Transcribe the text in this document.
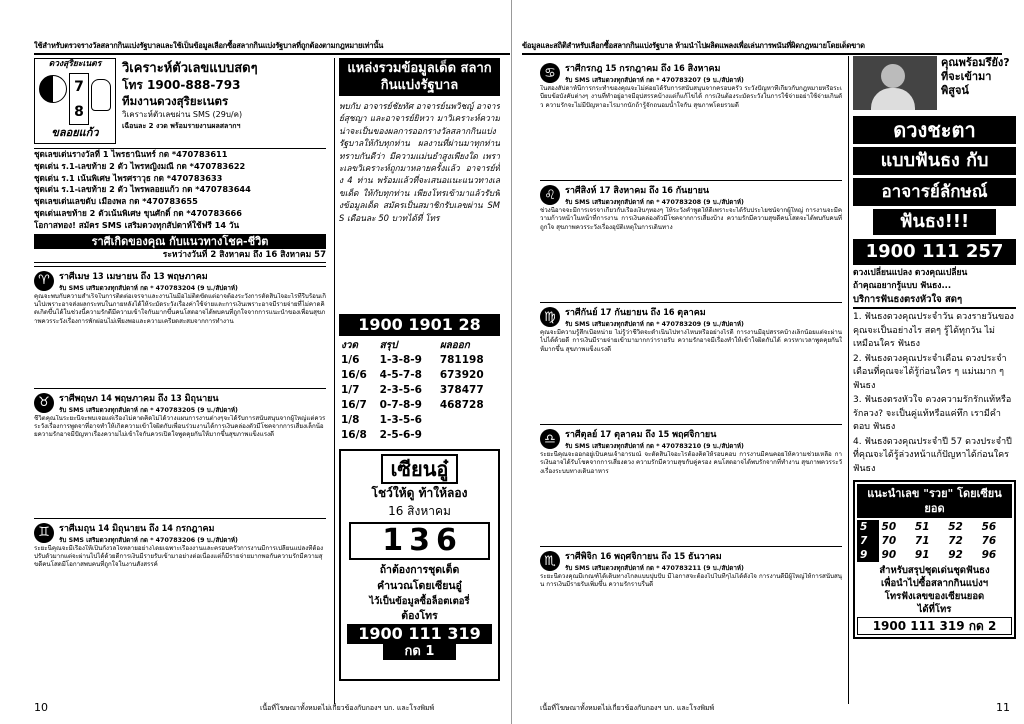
ใช้สำหรับตรวจรางวัลสลากกินแบ่งรัฐบาลและใช้เป็นข้อมูลเลือกซื้อสลากกินแบ่งรัฐบาลที่ถูกต้องตามกฎหมายเท่านั้น
ดวงสุริยะเนตร
7
8
ขลอยแก้ว
วิเคราะห์ตัวเลขแบบสดๆ
โทร 1900-888-793
ทีมงานดวงสุริยะเนตร
วิเคราะห์ตัวเลขผ่าน SMS (29บ/ค)
เฉือนละ 2 งวด พร้อมรายงานผลสลากฯ
ชุดเลขเด่นรางวัลที่ 1 ไพรธานินทร์ กด *470783611
ชุดเด่น ร.1-เลขท้าย 2 ตัว ไพรหญิงมณี กด *470783622
ชุดเด่น ร.1 เน้นพิเศษ ไพรศราวุธ กด *470783633
ชุดเด่น ร.1-เลขท้าย 2 ตัว ไพรพลอยแก้ว กด *470783644
ชุดเลขเด่นเลขดับ เมืองพล กด *470783655
ชุดเด่นเลขท้าย 2 ตัวเน้นพิเศษ ขุนศักดิ์ กด *470783666
โอกาสทอง! สมัคร SMS เสริมดวงทุกสัปดาห์ใช้ฟรี 14 วัน
ราศีเกิดของคุณ กับแนวทางโชค-ชีวิต
ระหว่างวันที่ 2 สิงหาคม ถึง 16 สิงหาคม 57
♈	ราศีเมษ 13 เมษายน ถึง 13 พฤษภาคม
รับ SMS เสริมดวงทุกสัปดาห์ กด * 470783204 (9 บ./สัปดาห์)
คุณจะพบกับความสำเร็จในการติดต่อเจรจาและงานในมือไม่ติดขัดแต่อาจต้องระวังการตัดสินใจอะไรที่รีบร้อนเกินไปเพราะอาจส่งผลกระทบในภายหลังได้ให้ระมัดระวังเรื่องค่าใช้จ่ายและการเงินเพราะอาจมีรายจ่ายที่ไม่คาดคิดเกิดขึ้นได้ในช่วงนี้ความรักดีมีความเข้าใจกันมากขึ้นคนโสดอาจได้พบคนที่ถูกใจจากการแนะนำของเพื่อนสุขภาพควรระวังเรื่องการพักผ่อนไม่เพียงพอและความเครียดสะสมจากการทำงาน
♉	ราศีพฤษภ 14 พฤษภาคม ถึง 13 มิถุนายน
รับ SMS เสริมดวงทุกสัปดาห์ กด * 470783205 (9 บ./สัปดาห์)
ชีวิตคุณในระยะนี้จะพบเจอแต่เรื่องไม่คาดคิดไม่ได้วางแผนการงานต่างๆจะได้รับการสนับสนุนจากผู้ใหญ่แต่ควรระวังเรื่องการพูดจาที่อาจทำให้เกิดความเข้าใจผิดกับเพื่อนร่วมงานได้การเงินคล่องตัวมีโชคจากการเสี่ยงเล็กน้อยความรักอาจมีปัญหาเรื่องความไม่เข้าใจกันควรเปิดใจพูดคุยกันให้มากขึ้นสุขภาพแข็งแรงดี
♊	ราศีเมถุน 14 มิถุนายน ถึง 14 กรกฎาคม
รับ SMS เสริมดวงทุกสัปดาห์ กด * 470783206 (9 บ./สัปดาห์)
ระยะนี้คุณจะมีเรื่องให้เป็นกังวลใจหลายอย่างโดยเฉพาะเรื่องงานและครอบครัวการงานมีการเปลี่ยนแปลงที่ต้องปรับตัวมากแต่จะผ่านไปได้ด้วยดีการเงินมีรายรับเข้ามาอย่างต่อเนื่องแต่ก็มีรายจ่ายมากพอกันความรักมีความสุขดีคนโสดมีโอกาสพบคนที่ถูกใจในงานสังสรรค์
แหล่งรวมข้อมูลเด็ด สลากกินแบ่งรัฐบาล
พบกับ อาจารย์ชัยทัศ อาจารย์นพวิชญ์ อาจารย์สุชญา และอาจารย์ยิหวา มาวิเคราะห์ความน่าจะเป็นของผลการออกรางวัลสลากกินแบ่งรัฐบาลให้กับทุกท่าน ผลงานที่ผ่านมาทุกท่านทราบกันดีว่า มีความแม่นยำสูงเพียงใด เพราะเลขวิเคราะห์ถูกมาหลายครั้งแล้ว อาจารย์ทั้ง 4 ท่าน พร้อมแล้วที่จะเสนอแนะแนวทางเลขเด็ด ให้กับทุกท่าน เพียงโทรเข้ามาแล้วรับฟังข้อมูลเด็ด สมัครเป็นสมาชิกรับเลขผ่าน SMS เดือนละ 50 บาทได้ที่ โทร
1900 1901 28
งวด	สรุป	ผลออก
1/6	1-3-8-9	781198
16/6	4-5-7-8	673920
1/7	2-3-5-6	378477
16/7	0-7-8-9	468728
1/8	1-3-5-6	
16/8	2-5-6-9	
เซียนอู๋
โชว์ให้ดู ท้าให้ลอง
16 สิงหาคม
1 3 6
ถ้าต้องการชุดเต็ด
คำนวณโดยเซียนอู๋
ไว้เป็นข้อมูลซื้อล็อตเตอรี่
ต้องโทร
1900 111 319
กด 1
10	เนื้อที่โฆษณาทั้งหมดไม่เกี่ยวข้องกับกองฯ บก. และโรงพิมพ์
ข้อมูลและสถิติสำหรับเลือกซื้อสลากกินแบ่งรัฐบาล ห้ามนำไปผลิตแพลงเพื่อเล่นการพนันที่ผิดกฎหมายโดยเด็ดขาด
♋	ราศีกรกฎ 15 กรกฎาคม ถึง 16 สิงหาคม
รับ SMS เสริมดวงทุกสัปดาห์ กด * 470783207 (9 บ./สัปดาห์)
ในสองสัปดาห์นี้การกระทำของคุณจะไม่ค่อยได้รับการสนับสนุนจากครอบครัว ระวังปัญหาที่เกี่ยวกับกฎหมายหรือระเบียบข้อบังคับต่างๆ งานที่ทำอยู่อาจมีอุปสรรคบ้างแต่ก็แก้ไขได้ การเงินต้องระมัดระวังในการใช้จ่ายอย่าใช้จ่ายเกินตัว ความรักจะไม่มีปัญหาอะไรมากนักถ้ารู้จักถนอมน้ำใจกัน สุขภาพโดยรวมดี
♌	ราศีสิงห์ 17 สิงหาคม ถึง 16 กันยายน
รับ SMS เสริมดวงทุกสัปดาห์ กด * 470783208 (9 บ./สัปดาห์)
ช่วงนี้อาจจะมีการเจรจาเกี่ยวกับเรื่องเงินๆทองๆ ให้ระวังคำพูดให้ดีเพราะจะได้รับประโยชน์จากผู้ใหญ่ การงานจะมีความก้าวหน้าในหน้าที่การงาน การเงินคล่องตัวมีโชคจากการเสี่ยงบ้าง ความรักมีความสุขดีคนโสดจะได้พบกับคนที่ถูกใจ สุขภาพควรระวังเรื่องอุบัติเหตุในการเดินทาง
♍	ราศีกันย์ 17 กันยายน ถึง 16 ตุลาคม
รับ SMS เสริมดวงทุกสัปดาห์ กด * 470783209 (9 บ./สัปดาห์)
คุณจะมีความรู้สึกเบื่อหน่าย ไม่รู้ว่าชีวิตจะดำเนินไปทางไหนหรืออย่างไรดี การงานมีอุปสรรคบ้างเล็กน้อยแต่จะผ่านไปได้ด้วยดี การเงินมีรายจ่ายเข้ามามากกว่ารายรับ ความรักอาจมีเรื่องทำให้เข้าใจผิดกันได้ ควรหาเวลาพูดคุยกันให้มากขึ้น สุขภาพแข็งแรงดี
♎	ราศีตุลย์ 17 ตุลาคม ถึง 15 พฤศจิกายน
รับ SMS เสริมดวงทุกสัปดาห์ กด * 470783210 (9 บ./สัปดาห์)
ระยะนี้คุณจะออกอยู่เป็นคนเจ้าอารมณ์ จะตัดสินใจอะไรต้องคิดให้รอบคอบ การงานมีคนคอยให้ความช่วยเหลือ การเงินอาจได้รับโชคจากการเสี่ยงดวง ความรักมีความสุขกับคู่ครอง คนโสดอาจได้พบรักจากที่ทำงาน สุขภาพควรระวังเรื่องระบบทางเดินอาหาร
♏	ราศีพิจิก 16 พฤศจิกายน ถึง 15 ธันวาคม
รับ SMS เสริมดวงทุกสัปดาห์ กด * 470783211 (9 บ./สัปดาห์)
ระยะนี้ดวงคุณมีเกณฑ์ได้เดินทางไกลแบบปุบปับ มีโอกาสจะต้องไปในที่ๆไม่ได้ตั้งใจ การงานดีมีผู้ใหญ่ให้การสนับสนุน การเงินมีรายรับเพิ่มขึ้น ความรักราบรื่นดี
คุณพร้อมรึยัง?
ที่จะเข้ามาพิสูจน์
ดวงชะตา
แบบฟันธง กับ
อาจารย์ลักษณ์
ฟันธง!!!
1900 111 257
ดวงเปลี่ยนแปลง ดวงคุณเปลี่ยน
ถ้าคุณอยากรู้แบบ ฟันธง...
บริการฟันธงตรงหัวใจ สดๆ
1. ฟันธงดวงคุณประจำวัน ดวงรายวันของคุณจะเป็นอย่างไร สดๆ รู้ได้ทุกวัน ไม่เหมือนใคร ฟันธง
2. ฟันธงดวงคุณประจำเดือน ดวงประจำเดือนที่คุณจะได้รู้ก่อนใคร ๆ แม่นมาก ๆ ฟันธง
3. ฟันธงตรงหัวใจ ดวงความรักรักแท้หรือรักลวง? จะเป็นคู่แท้หรือแค่ทึก เรามีคำตอบ ฟันธง
4. ฟันธงดวงคุณประจำปี 57 ดวงประจำปีที่คุณจะได้รู้ล่วงหน้าแก้ปัญหาได้ก่อนใคร ฟันธง
แนะนำเลข "รวย" โดยเซียนยอด
5	50	51	52	56
7	70	71	72	76
9	90	91	92	96
สำหรับสรุปชุดเด่นชุดฟันธง
เพื่อนำไปซื้อสลากกินแบ่งฯ
โทรฟังเลขของเซียนยอด
ได้ที่โทร
1900 111 319 กด 2
11
เนื้อที่โฆษณาทั้งหมดไม่เกี่ยวข้องกับกองฯ บก. และโรงพิมพ์
